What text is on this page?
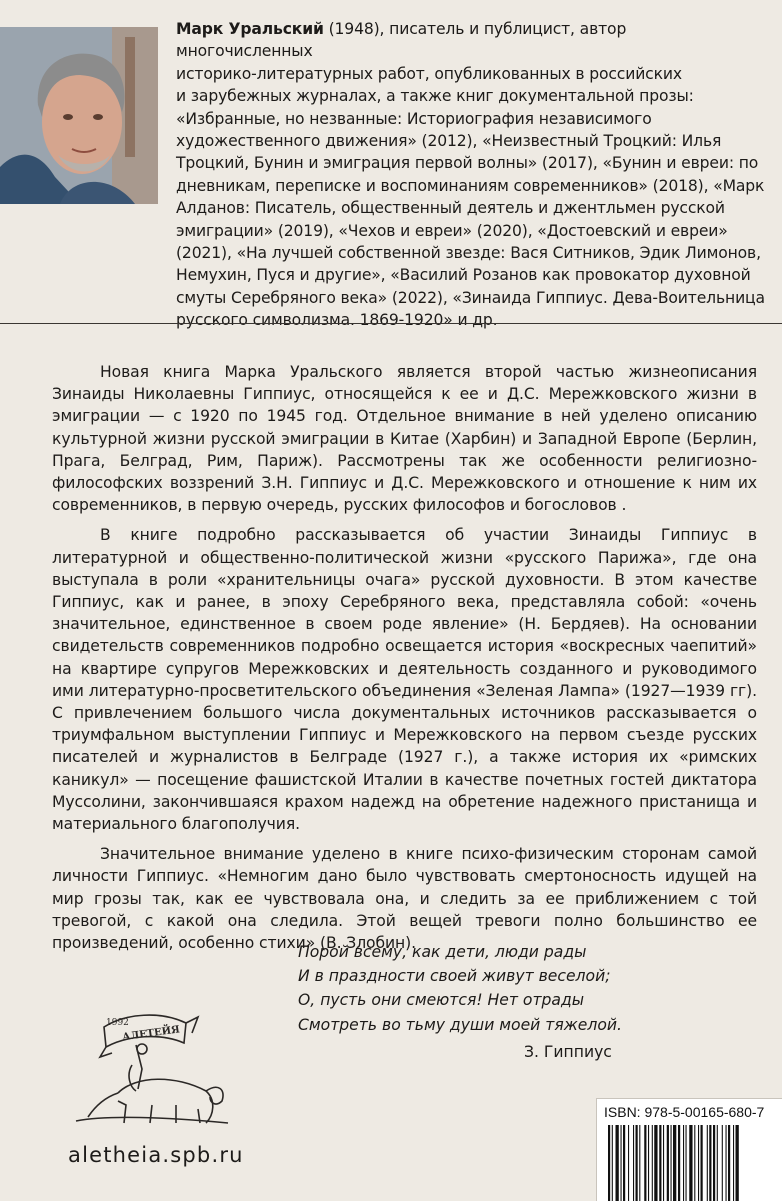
Марк Уральский (1948), писатель и публицист, автор многочисленных
историко-литературных работ, опубликованных в российских
и зарубежных журналах, а также книг документальной прозы:
«Избранные, но незванные: Историография независимого
художественного движения» (2012), «Неизвестный Троцкий: Илья
Троцкий, Бунин и эмиграция первой волны» (2017), «Бунин и евреи: по
дневникам, переписке и воспоминаниям современников» (2018), «Марк
Алданов: Писатель, общественный деятель и джентльмен русской
эмиграции» (2019), «Чехов и евреи» (2020), «Достоевский и евреи»
(2021), «На лучшей собственной звезде: Вася Ситников, Эдик Лимонов,
Немухин, Пуся и другие», «Василий Розанов как провокатор духовной
смуты Серебряного века» (2022), «Зинаида Гиппиус. Дева-Воительница
русского символизма. 1869-1920» и др.

Новая книга Марка Уральского является второй частью жизнеописания Зинаиды Николаевны Гиппиус, относящейся к ее и Д.С. Мережковского жизни в эмиграции — с 1920 по 1945 год. Отдельное внимание в ней уделено описанию культурной жизни русской эмиграции в Китае (Харбин) и Западной Европе (Берлин, Прага, Белград, Рим, Париж). Рассмотрены так же особенности религиозно-философских воззрений З.Н. Гиппиус и Д.С. Мережковского и отношение к ним их современников, в первую очередь, русских философов и богословов .

В книге подробно рассказывается об участии Зинаиды Гиппиус в литературной и общественно-политической жизни «русского Парижа», где она выступала в роли «хранительницы очага» русской духовности. В этом качестве Гиппиус, как и ранее, в эпоху Серебряного века, представляла собой: «очень значительное, единственное в своем роде явление» (Н. Бердяев). На основании свидетельств современников подробно освещается история «воскресных чаепитий» на квартире супругов Мережковских и деятельность созданного и руководимого ими литературно-просветительского объединения «Зеленая Лампа» (1927—1939 гг). С привлечением большого числа документальных источников рассказывается о триумфальном выступлении Гиппиус и Мережковского на первом съезде русских писателей и журналистов в Белграде (1927 г.), а также история их «римских каникул» — посещение фашистской Италии в качестве почетных гостей диктатора Муссолини, закончившаяся крахом надежд на обретение надежного пристанища и материального благополучия.

Значительное внимание уделено в книге психо-физическим сторонам самой личности Гиппиус. «Немногим дано было чувствовать смертоносность идущей на мир грозы так, как ее чувствовала она, и следить за ее приближением с той тревогой, с какой она следила. Этой вещей тревоги полно большинство ее произведений, особенно стихи» (В. Злобин).

Порой всему, как дети, люди рады
И в праздности своей живут веселой;
О, пусть они смеются! Нет отрады
Смотреть во тьму души моей тяжелой.
З. Гиппиус
1992
АЛЕТЕЙЯ
aletheia.spb.ru
ISBN: 978-5-00165-680-7
